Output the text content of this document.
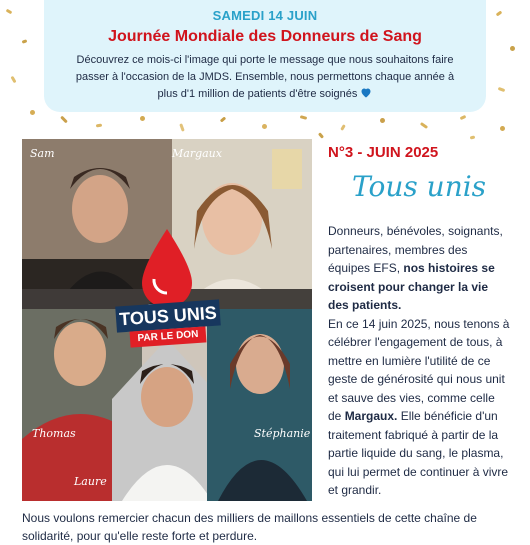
SAMEDI 14 JUIN
Journée Mondiale des Donneurs de Sang
Découvrez ce mois-ci l'image qui porte le message que nous souhaitons faire passer à l'occasion de la JMDS. Ensemble, nous permettons chaque année à plus d'1 million de patients d'être soignés
TOUS UNIS
PAR LE DON
Sam	Margaux
Thomas
Laure
Stéphanie
N°3 - JUIN 2025
Tous unis

Donneurs, bénévoles, soignants, partenaires, membres des équipes EFS, nos histoires se croisent pour changer la vie des patients.

En ce 14 juin 2025, nous tenons à célébrer l'engagement de tous, à mettre en lumière l'utilité de ce geste de générosité qui nous unit et sauve des vies, comme celle de Margaux. Elle bénéficie d'un traitement fabriqué à partir de la partie liquide du sang, le plasma, qui lui permet de continuer à vivre et grandir.

Nous voulons remercier chacun des milliers de maillons essentiels de cette chaîne de solidarité, pour qu'elle reste forte et perdure.
